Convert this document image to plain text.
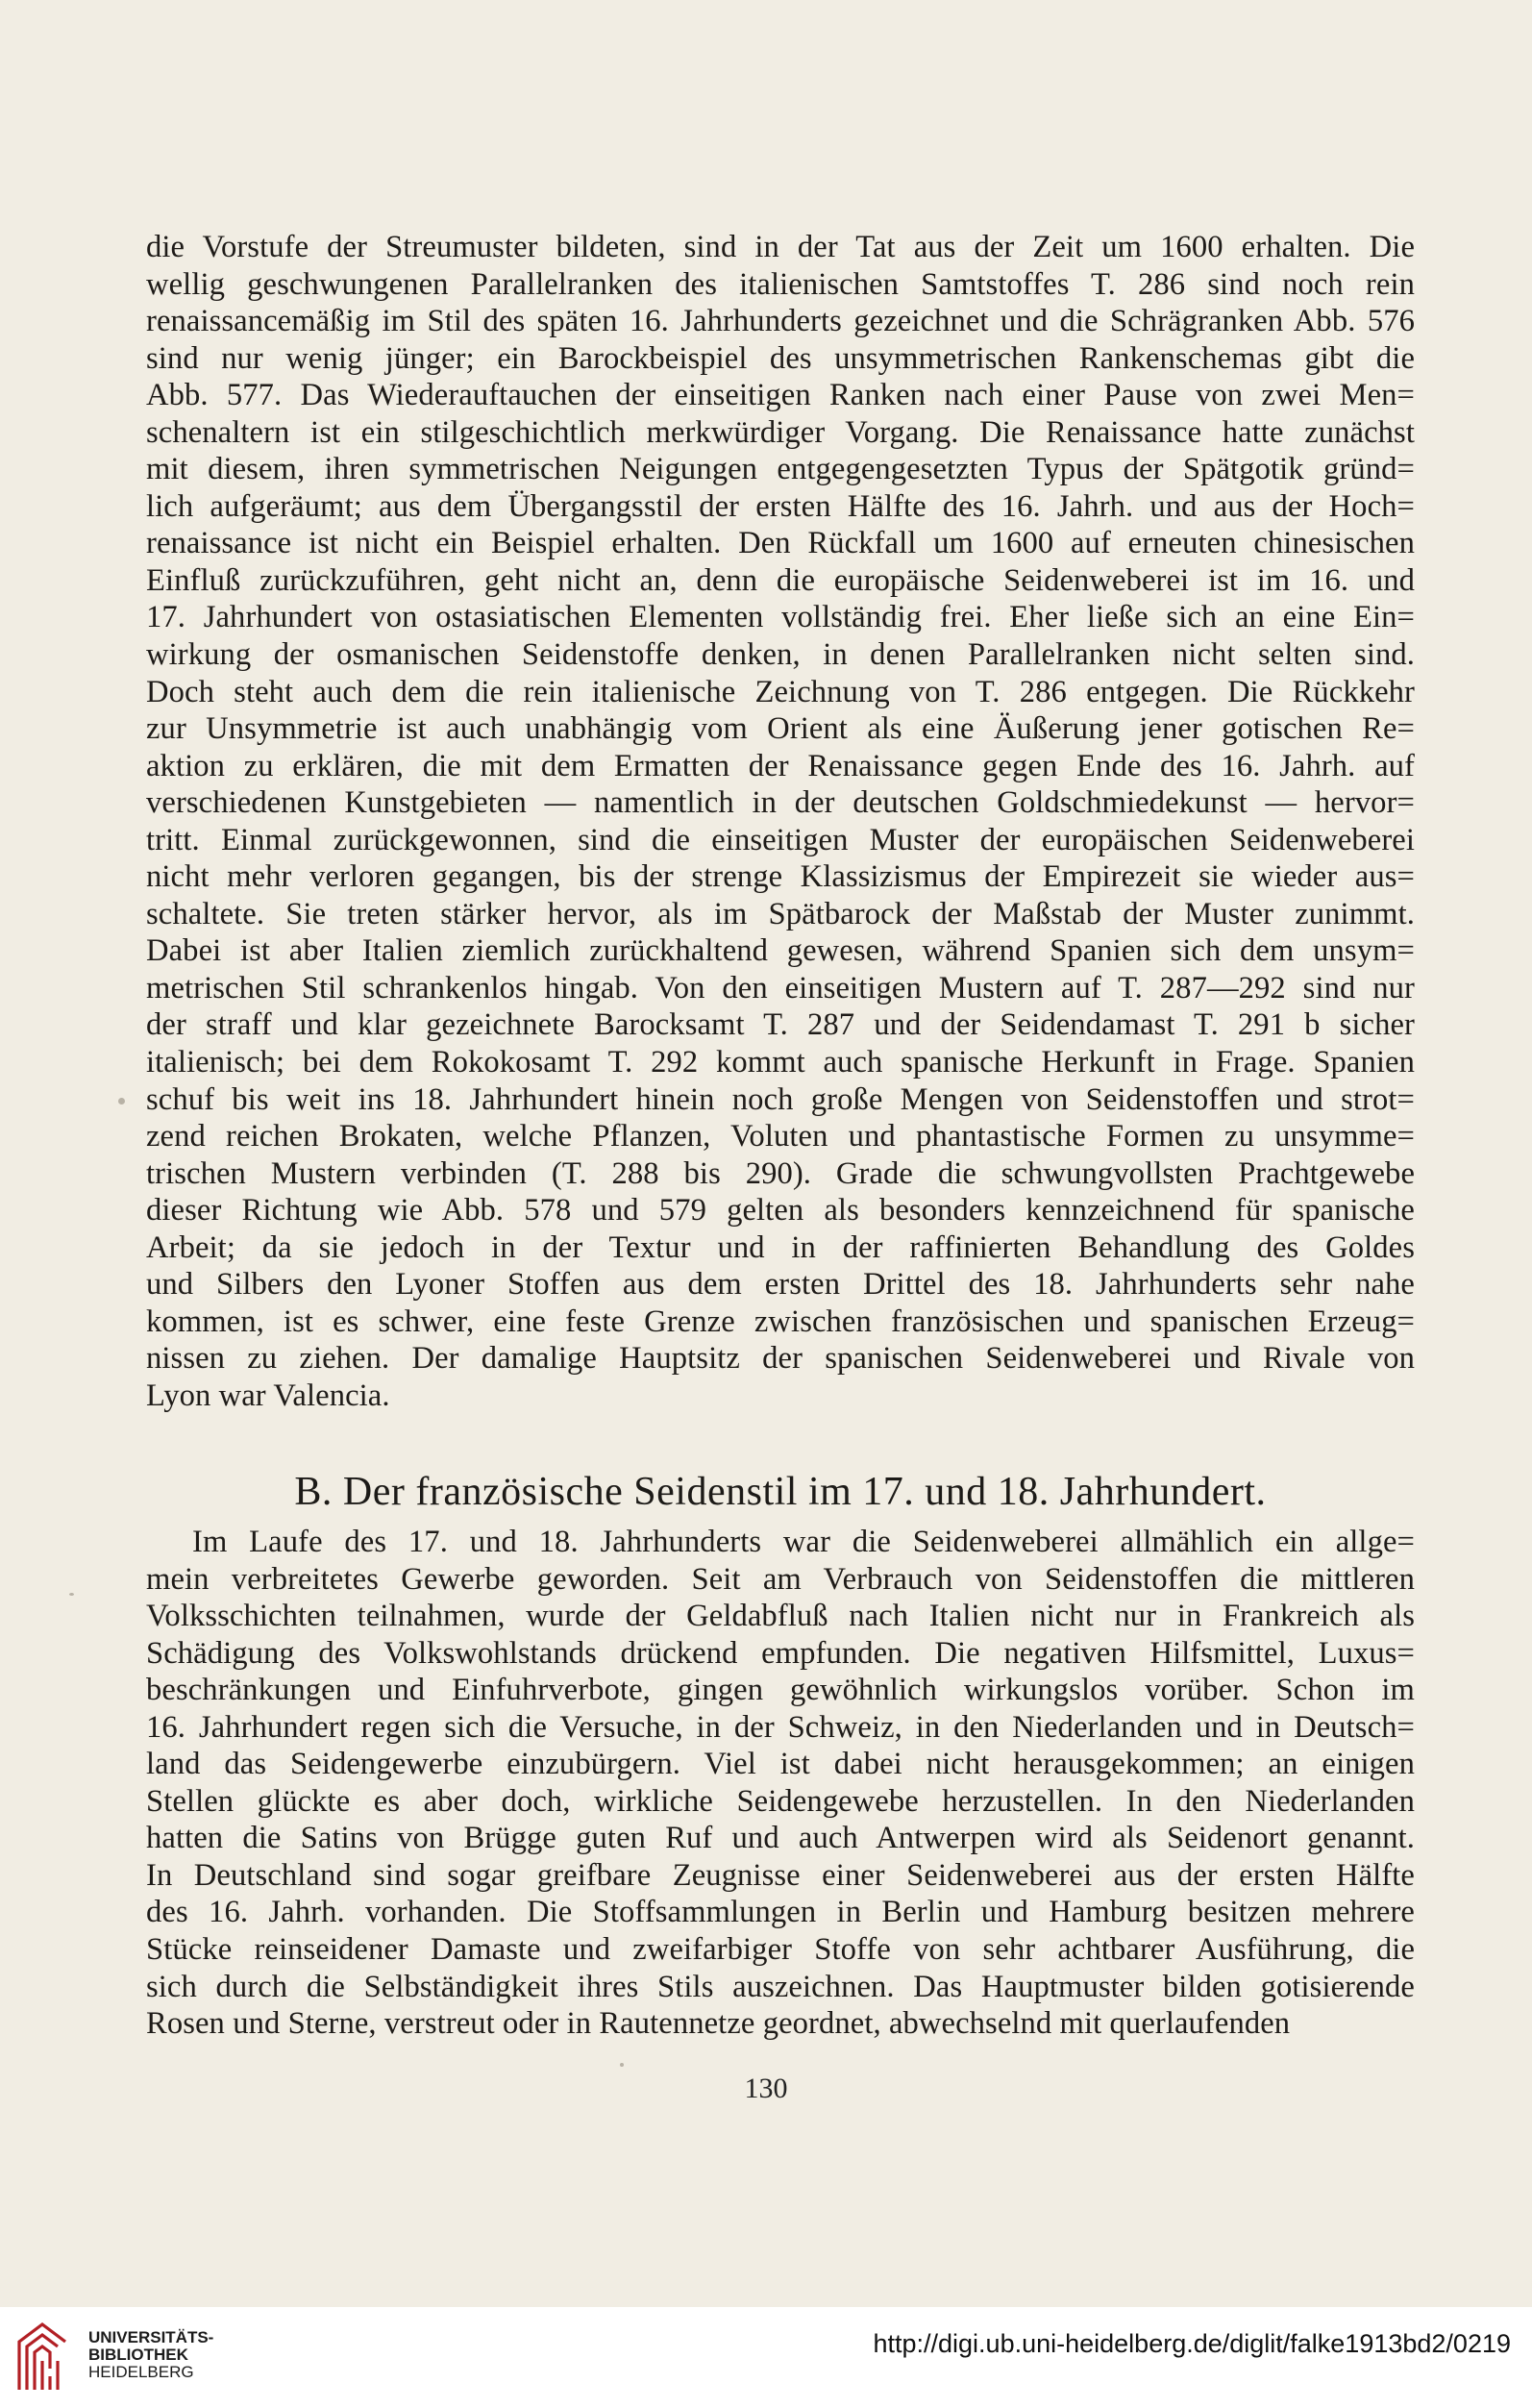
die Vorstufe der Streumuster bildeten, sind in der Tat aus der Zeit um 1600 erhalten. Die
wellig geschwungenen Parallelranken des italienischen Samtstoffes T. 286 sind noch rein
renaissancemäßig im Stil des späten 16. Jahrhunderts gezeichnet und die Schrägranken Abb. 576
sind nur wenig jünger; ein Barockbeispiel des unsymmetrischen Rankenschemas gibt die
Abb. 577. Das Wiederauftauchen der einseitigen Ranken nach einer Pause von zwei Men=
schenaltern ist ein stilgeschichtlich merkwürdiger Vorgang. Die Renaissance hatte zunächst
mit diesem, ihren symmetrischen Neigungen entgegengesetzten Typus der Spätgotik gründ=
lich aufgeräumt; aus dem Übergangsstil der ersten Hälfte des 16. Jahrh. und aus der Hoch=
renaissance ist nicht ein Beispiel erhalten. Den Rückfall um 1600 auf erneuten chinesischen
Einfluß zurückzuführen, geht nicht an, denn die europäische Seidenweberei ist im 16. und
17. Jahrhundert von ostasiatischen Elementen vollständig frei. Eher ließe sich an eine Ein=
wirkung der osmanischen Seidenstoffe denken, in denen Parallelranken nicht selten sind.
Doch steht auch dem die rein italienische Zeichnung von T. 286 entgegen. Die Rückkehr
zur Unsymmetrie ist auch unabhängig vom Orient als eine Äußerung jener gotischen Re=
aktion zu erklären, die mit dem Ermatten der Renaissance gegen Ende des 16. Jahrh. auf
verschiedenen Kunstgebieten — namentlich in der deutschen Goldschmiedekunst — hervor=
tritt. Einmal zurückgewonnen, sind die einseitigen Muster der europäischen Seidenweberei
nicht mehr verloren gegangen, bis der strenge Klassizismus der Empirezeit sie wieder aus=
schaltete. Sie treten stärker hervor, als im Spätbarock der Maßstab der Muster zunimmt.
Dabei ist aber Italien ziemlich zurückhaltend gewesen, während Spanien sich dem unsym=
metrischen Stil schrankenlos hingab. Von den einseitigen Mustern auf T. 287—292 sind nur
der straff und klar gezeichnete Barocksamt T. 287 und der Seidendamast T. 291 b sicher
italienisch; bei dem Rokokosamt T. 292 kommt auch spanische Herkunft in Frage. Spanien
schuf bis weit ins 18. Jahrhundert hinein noch große Mengen von Seidenstoffen und strot=
zend reichen Brokaten, welche Pflanzen, Voluten und phantastische Formen zu unsymme=
trischen Mustern verbinden (T. 288 bis 290). Grade die schwungvollsten Prachtgewebe
dieser Richtung wie Abb. 578 und 579 gelten als besonders kennzeichnend für spanische
Arbeit; da sie jedoch in der Textur und in der raffinierten Behandlung des Goldes
und Silbers den Lyoner Stoffen aus dem ersten Drittel des 18. Jahrhunderts sehr nahe
kommen, ist es schwer, eine feste Grenze zwischen französischen und spanischen Erzeug=
nissen zu ziehen. Der damalige Hauptsitz der spanischen Seidenweberei und Rivale von
Lyon war Valencia.
B. Der französische Seidenstil im 17. und 18. Jahrhundert.
Im Laufe des 17. und 18. Jahrhunderts war die Seidenweberei allmählich ein allge=
mein verbreitetes Gewerbe geworden. Seit am Verbrauch von Seidenstoffen die mittleren
Volksschichten teilnahmen, wurde der Geldabfluß nach Italien nicht nur in Frankreich als
Schädigung des Volkswohlstands drückend empfunden. Die negativen Hilfsmittel, Luxus=
beschränkungen und Einfuhrverbote, gingen gewöhnlich wirkungslos vorüber. Schon im
16. Jahrhundert regen sich die Versuche, in der Schweiz, in den Niederlanden und in Deutsch=
land das Seidengewerbe einzubürgern. Viel ist dabei nicht herausgekommen; an einigen
Stellen glückte es aber doch, wirkliche Seidengewebe herzustellen. In den Niederlanden
hatten die Satins von Brügge guten Ruf und auch Antwerpen wird als Seidenort genannt.
In Deutschland sind sogar greifbare Zeugnisse einer Seidenweberei aus der ersten Hälfte
des 16. Jahrh. vorhanden. Die Stoffsammlungen in Berlin und Hamburg besitzen mehrere
Stücke reinseidener Damaste und zweifarbiger Stoffe von sehr achtbarer Ausführung, die
sich durch die Selbständigkeit ihres Stils auszeichnen. Das Hauptmuster bilden gotisierende
Rosen und Sterne, verstreut oder in Rautennetze geordnet, abwechselnd mit querlaufenden
130
UNIVERSITÄTS-
BIBLIOTHEK
HEIDELBERG
http://digi.ub.uni-heidelberg.de/diglit/falke1913bd2/0219
